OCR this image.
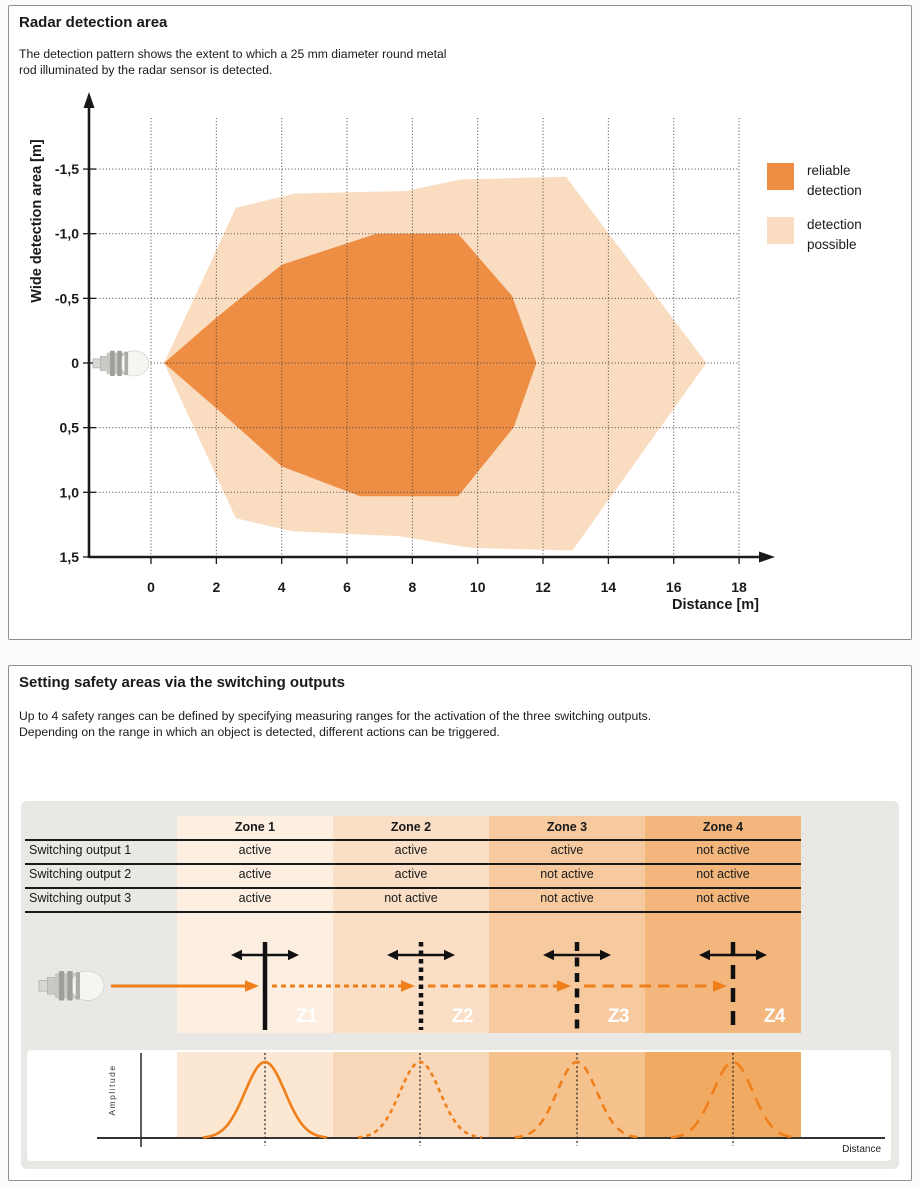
Radar detection area
The detection pattern shows the extent to which a 25 mm diameter round metal
rod illuminated by the radar sensor is detected.
0	2	4	6	8	10	12	14	16	18
-1,5
-1,0
-0,5
0
0,5
1,0
1,5
Distance [m]
Wide detection area [m]	reliable detection
detection possible
Setting safety areas via the switching outputs
Up to 4 safety ranges can be defined by specifying measuring ranges for the activation of the three switching outputs.
Depending on the range in which an object is detected, different actions can be triggered.
Zone 1	Zone 2	Zone 3	Zone 4
Switching output 1	active	active	active	not active
Switching output 2	active	active	not active	not active
Switching output 3	active	not active	not active	not active
Z1	Z2	Z3	Z4
Amplitude
Distance
